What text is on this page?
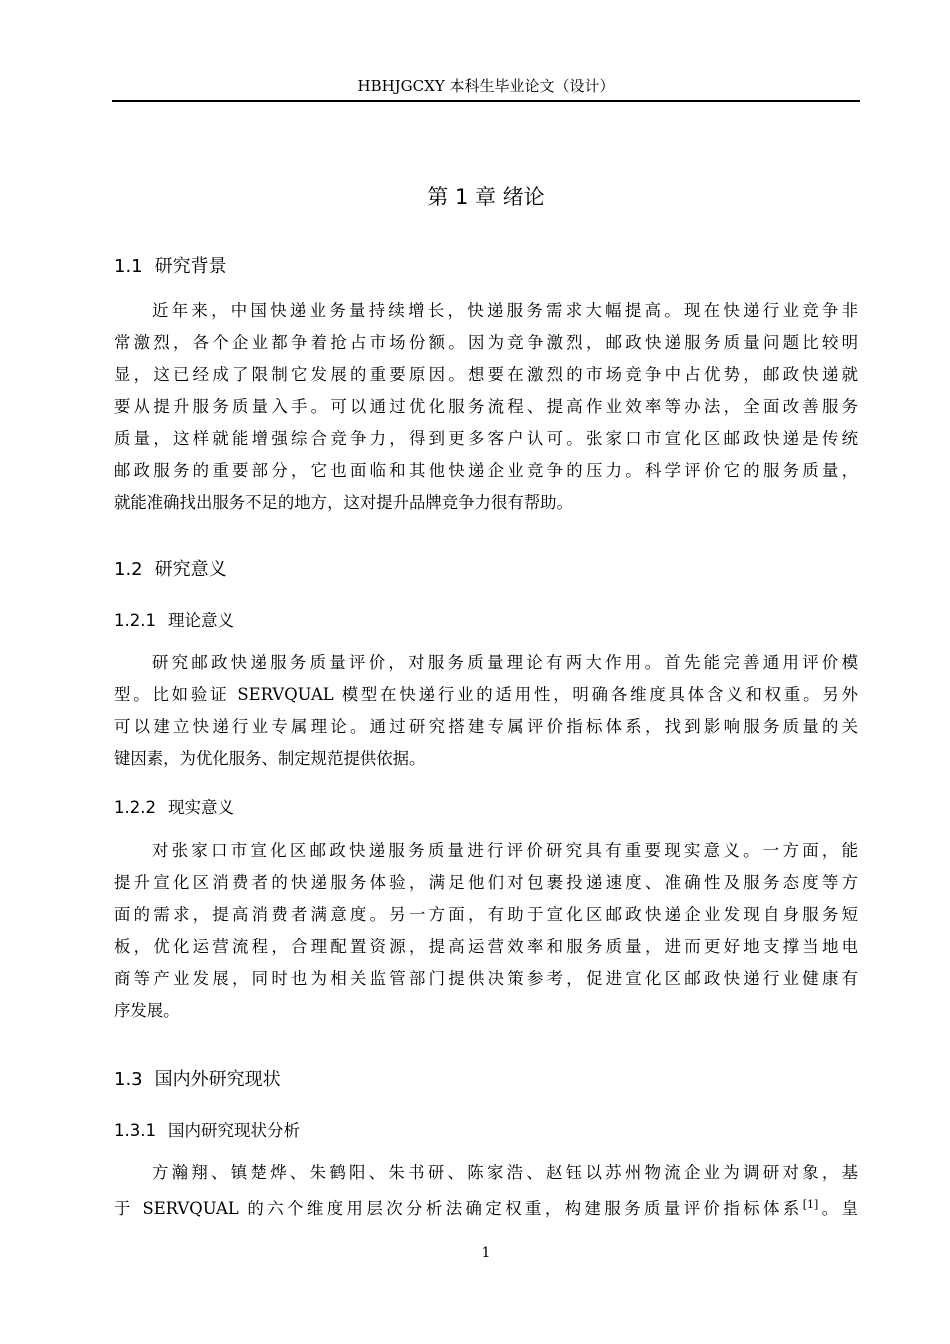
HBHJGCXY 本科生毕业论文（设计）
第 1 章 绪论
1.1 研究背景
近年来，中国快递业务量持续增长，快递服务需求大幅提高。现在快递行业竞争非
常激烈，各个企业都争着抢占市场份额。因为竞争激烈，邮政快递服务质量问题比较明
显，这已经成了限制它发展的重要原因。想要在激烈的市场竞争中占优势，邮政快递就
要从提升服务质量入手。可以通过优化服务流程、提高作业效率等办法，全面改善服务
质量，这样就能增强综合竞争力，得到更多客户认可。张家口市宣化区邮政快递是传统
邮政服务的重要部分，它也面临和其他快递企业竞争的压力。科学评价它的服务质量，
就能准确找出服务不足的地方，这对提升品牌竞争力很有帮助。
1.2 研究意义
1.2.1 理论意义
研究邮政快递服务质量评价，对服务质量理论有两大作用。首先能完善通用评价模
型。比如验证 SERVQUAL 模型在快递行业的适用性，明确各维度具体含义和权重。另外
可以建立快递行业专属理论。通过研究搭建专属评价指标体系，找到影响服务质量的关
键因素，为优化服务、制定规范提供依据。
1.2.2 现实意义
对张家口市宣化区邮政快递服务质量进行评价研究具有重要现实意义。一方面，能
提升宣化区消费者的快递服务体验，满足他们对包裹投递速度、准确性及服务态度等方
面的需求，提高消费者满意度。另一方面，有助于宣化区邮政快递企业发现自身服务短
板，优化运营流程，合理配置资源，提高运营效率和服务质量，进而更好地支撑当地电
商等产业发展，同时也为相关监管部门提供决策参考，促进宣化区邮政快递行业健康有
序发展。
1.3 国内外研究现状
1.3.1 国内研究现状分析
方瀚翔、镇楚烨、朱鹤阳、朱书研、陈家浩、赵钰以苏州物流企业为调研对象，基
于 SERVQUAL 的六个维度用层次分析法确定权重，构建服务质量评价指标体系[1]。皇
1
